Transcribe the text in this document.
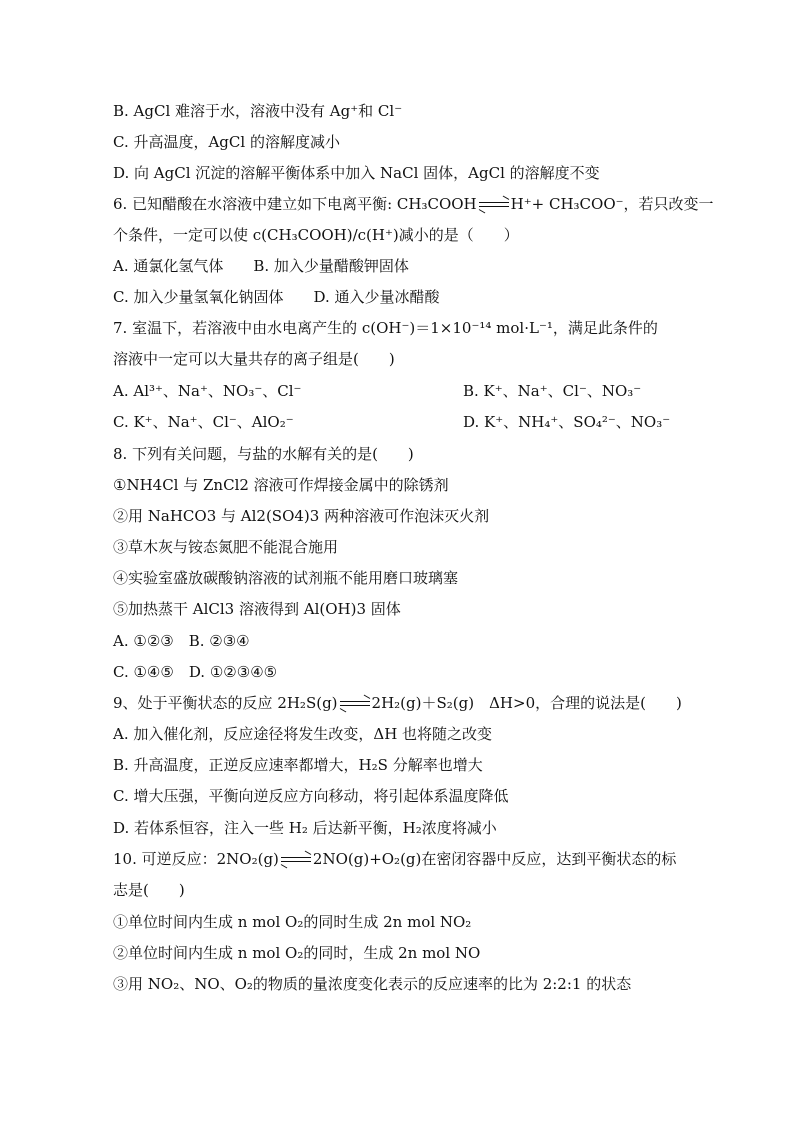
B. AgCl 难溶于水，溶液中没有 Ag⁺和 Cl⁻
C. 升高温度，AgCl 的溶解度减小
D. 向 AgCl 沉淀的溶解平衡体系中加入 NaCl 固体，AgCl 的溶解度不变
6. 已知醋酸在水溶液中建立如下电离平衡: CH₃COOH H⁺+ CH₃COO⁻，若只改变一
个条件，一定可以使 c(CH₃COOH)/c(H⁺)减小的是（　　）
A. 通氯化氢气体　　B. 加入少量醋酸钾固体
C. 加入少量氢氧化钠固体　　D. 通入少量冰醋酸
7. 室温下，若溶液中由水电离产生的 c(OH⁻)＝1×10⁻¹⁴ mol·L⁻¹，满足此条件的
溶液中一定可以大量共存的离子组是(　　)
A. Al³⁺、Na⁺、NO₃⁻、Cl⁻	B. K⁺、Na⁺、Cl⁻、NO₃⁻
C. K⁺、Na⁺、Cl⁻、AlO₂⁻	D. K⁺、NH₄⁺、SO₄²⁻、NO₃⁻
8. 下列有关问题，与盐的水解有关的是(　　)
①NH4Cl 与 ZnCl2 溶液可作焊接金属中的除锈剂
②用 NaHCO3 与 Al2(SO4)3 两种溶液可作泡沫灭火剂
③草木灰与铵态氮肥不能混合施用
④实验室盛放碳酸钠溶液的试剂瓶不能用磨口玻璃塞
⑤加热蒸干 AlCl3 溶液得到 Al(OH)3 固体
A. ①②③　B. ②③④
C. ①④⑤　D. ①②③④⑤
9、处于平衡状态的反应 2H₂S(g) 2H₂(g)＋S₂(g)　ΔH>0，合理的说法是(　　)
A. 加入催化剂，反应途径将发生改变，ΔH 也将随之改变
B. 升高温度，正逆反应速率都增大，H₂S 分解率也增大
C. 增大压强，平衡向逆反应方向移动，将引起体系温度降低
D. 若体系恒容，注入一些 H₂ 后达新平衡，H₂浓度将减小
10. 可逆反应：2NO₂(g) 2NO(g)+O₂(g)在密闭容器中反应，达到平衡状态的标
志是(　　)
①单位时间内生成 n mol O₂的同时生成 2n mol NO₂
②单位时间内生成 n mol O₂的同时，生成 2n mol NO
③用 NO₂、NO、O₂的物质的量浓度变化表示的反应速率的比为 2:2:1 的状态
